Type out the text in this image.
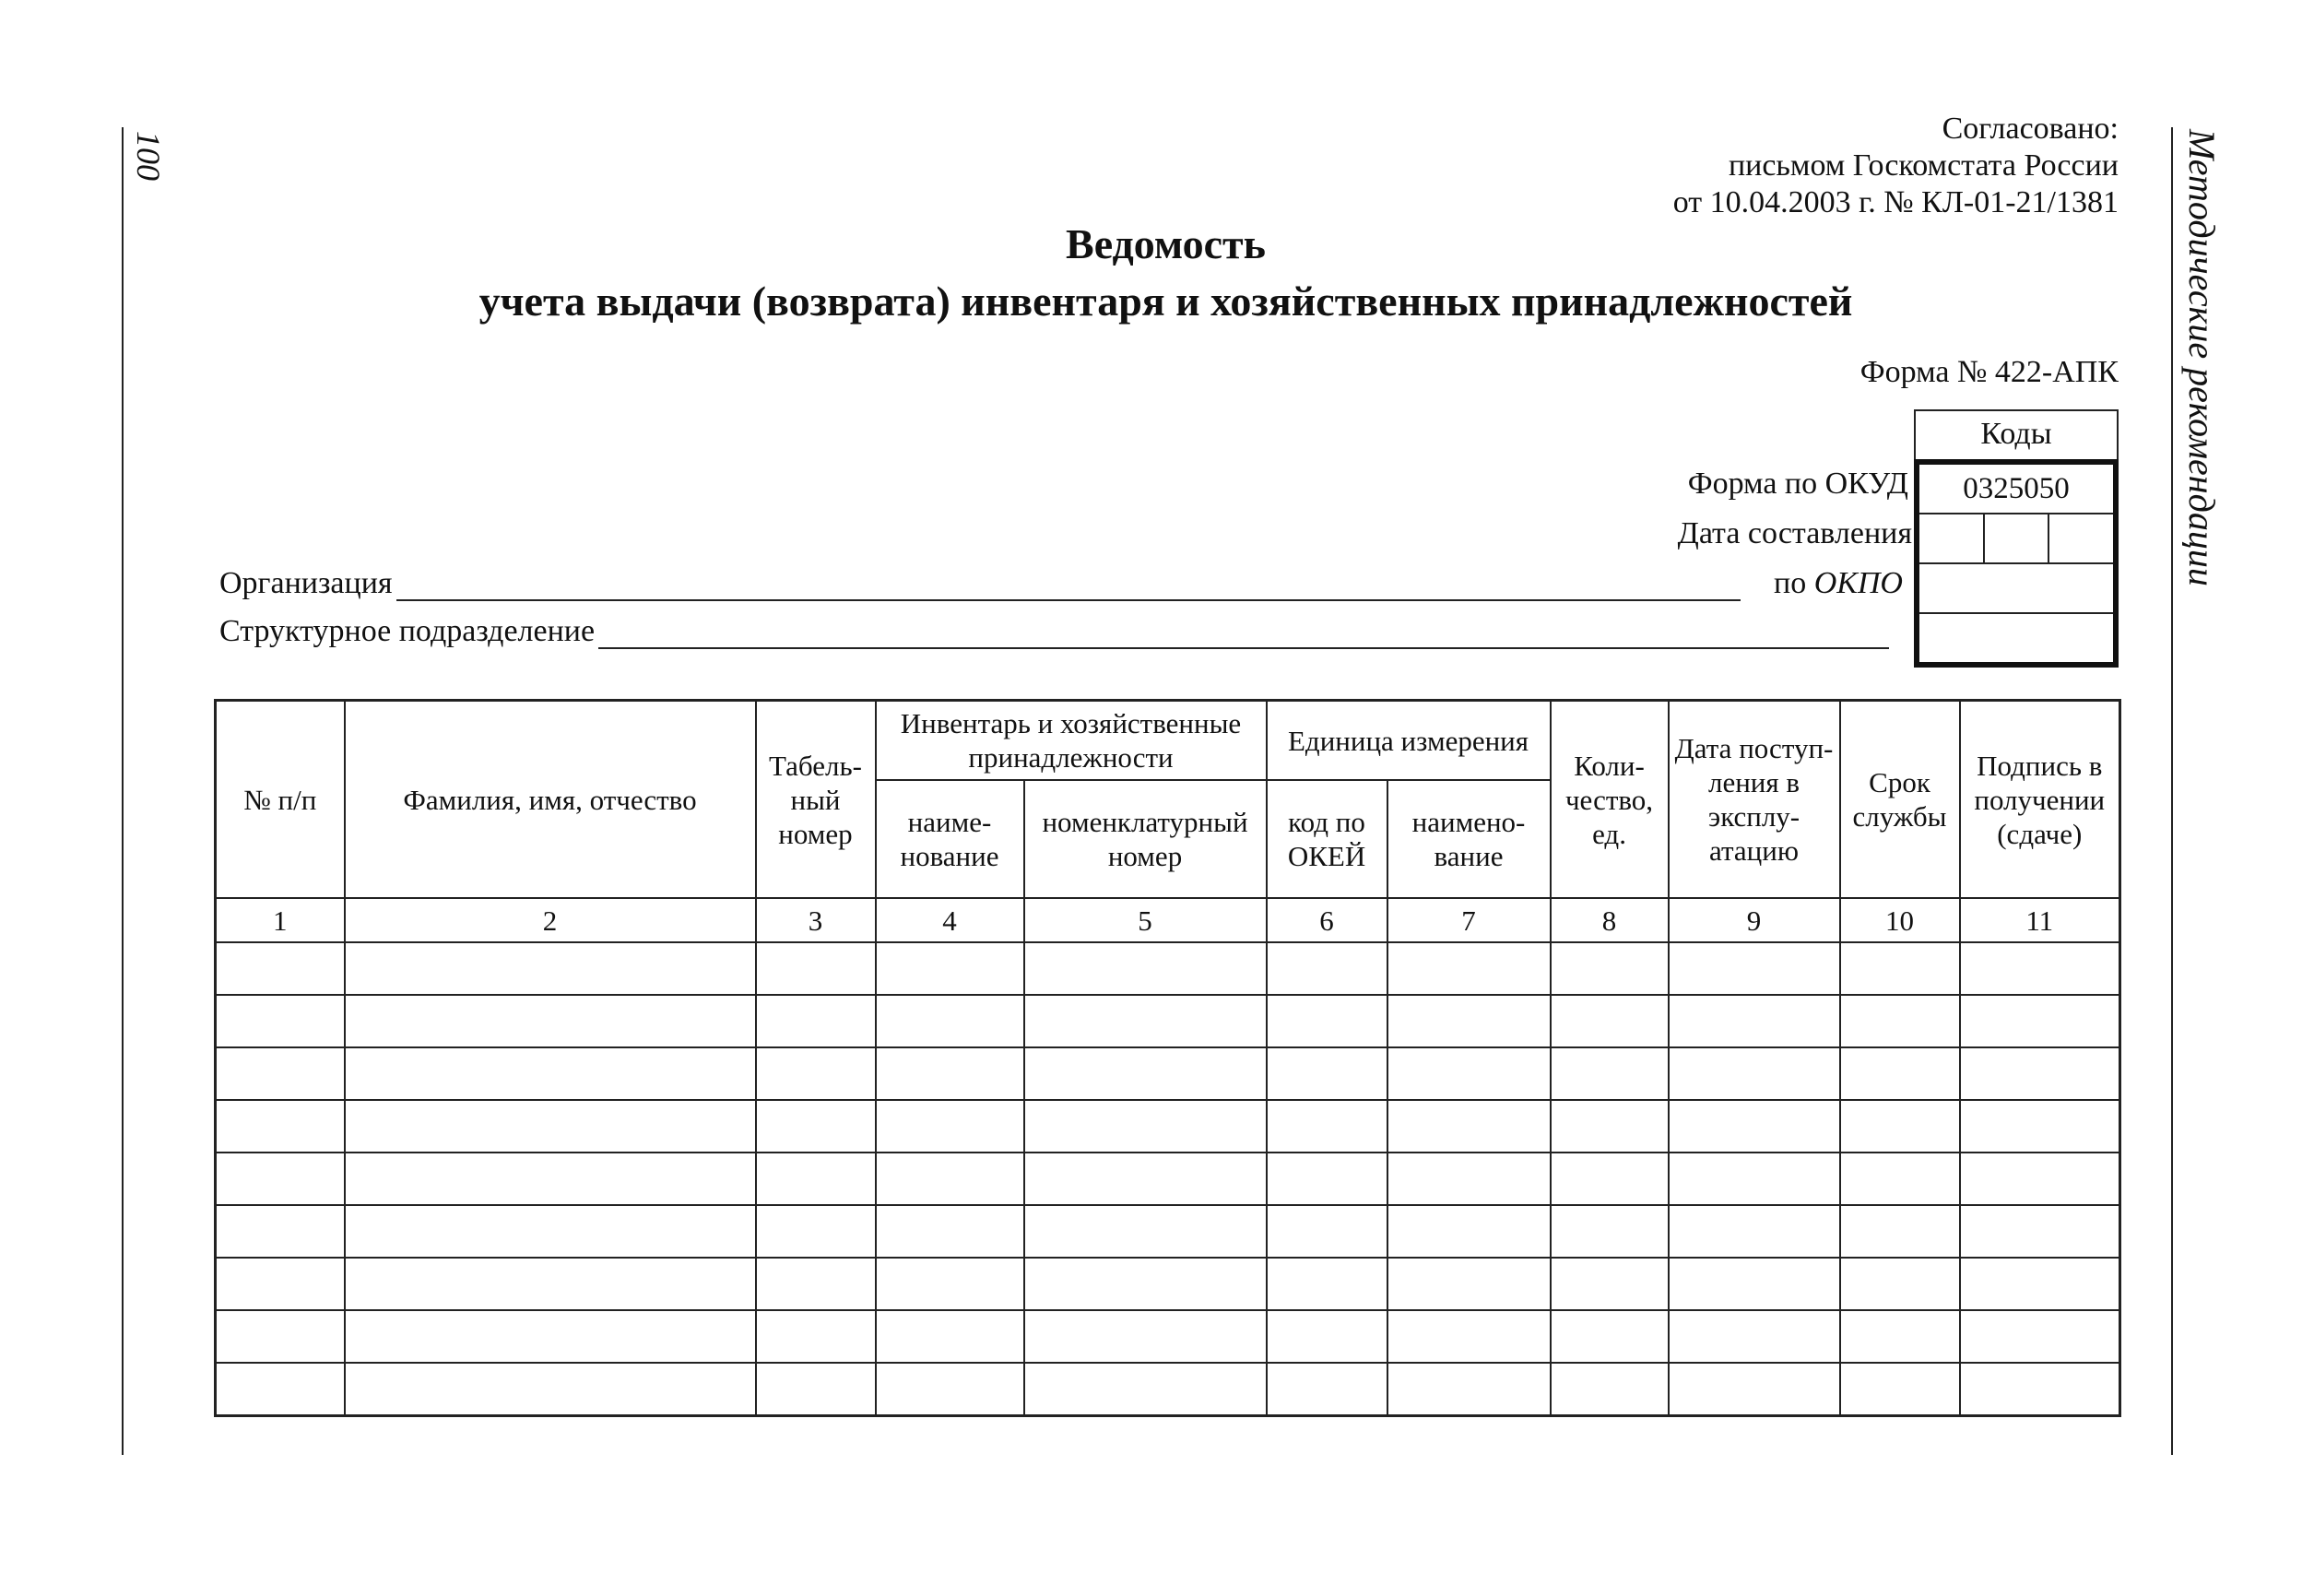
100	Методические рекомендации
Согласовано:
письмом Госкомстата России
от 10.04.2003 г. № КЛ-01-21/1381
Ведомость
учета выдачи (возврата) инвентаря и хозяйственных принадлежностей
Форма № 422-АПК
Форма по ОКУД
Дата составления
по ОКПО
Коды
0325050
Организация
Структурное подразделение
№ п/п	Фамилия, имя, отчество	Табель-ный номер	Инвентарь и хозяйственные принадлежности		Единица измерения		Коли-чество, ед.	Дата поступ-ления в эксплу-атацию	Срок службы	Подпись в получении (сдаче)
			наиме-нование	номенклатурный номер	код по ОКЕЙ	наимено-вание				
1	2	3	4	5	6	7	8	9	10	11
